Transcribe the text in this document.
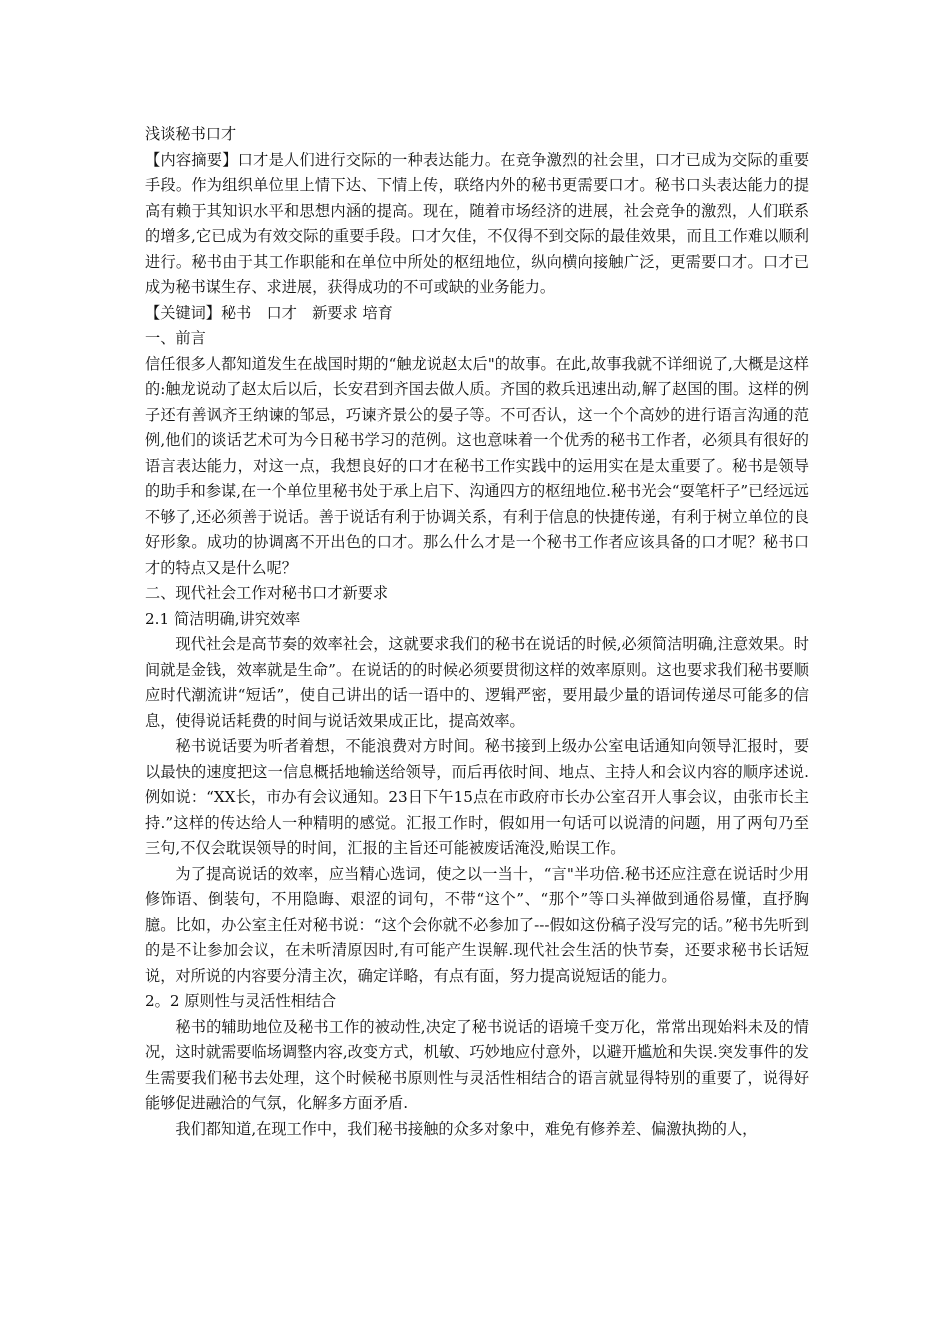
浅谈秘书口才

【内容摘要】口才是人们进行交际的一种表达能力。在竞争激烈的社会里，口才已成为交际的重要手段。作为组织单位里上情下达、下情上传，联络内外的秘书更需要口才。秘书口头表达能力的提高有赖于其知识水平和思想内涵的提高。现在，随着市场经济的进展，社会竞争的激烈，人们联系的增多,它已成为有效交际的重要手段。口才欠佳，不仅得不到交际的最佳效果，而且工作难以顺利进行。秘书由于其工作职能和在单位中所处的枢纽地位，纵向横向接触广泛，更需要口才。口才已成为秘书谋生存、求进展，获得成功的不可或缺的业务能力。

【关键词】秘书　口才　新要求 培育

一、前言

信任很多人都知道发生在战国时期的“触龙说赵太后"的故事。在此,故事我就不详细说了,大概是这样的:触龙说动了赵太后以后，长安君到齐国去做人质。齐国的救兵迅速出动,解了赵国的围。这样的例子还有善讽齐王纳谏的邹忌，巧谏齐景公的晏子等。不可否认，这一个个高妙的进行语言沟通的范例,他们的谈话艺术可为今日秘书学习的范例。这也意味着一个优秀的秘书工作者，必须具有很好的语言表达能力，对这一点，我想良好的口才在秘书工作实践中的运用实在是太重要了。秘书是领导的助手和参谋,在一个单位里秘书处于承上启下、沟通四方的枢纽地位.秘书光会“耍笔杆子”已经远远不够了,还必须善于说话。善于说话有利于协调关系，有利于信息的快捷传递，有利于树立单位的良好形象。成功的协调离不开出色的口才。那么什么才是一个秘书工作者应该具备的口才呢？秘书口才的特点又是什么呢？

二、现代社会工作对秘书口才新要求

2.1 简洁明确,讲究效率

现代社会是高节奏的效率社会，这就要求我们的秘书在说话的时候,必须简洁明确,注意效果。时间就是金钱，效率就是生命”。在说话的的时候必须要贯彻这样的效率原则。这也要求我们秘书要顺应时代潮流讲“短话”，使自己讲出的话一语中的、逻辑严密，要用最少量的语词传递尽可能多的信息，使得说话耗费的时间与说话效果成正比，提高效率。

秘书说话要为听者着想，不能浪费对方时间。秘书接到上级办公室电话通知向领导汇报时，要以最快的速度把这一信息概括地输送给领导，而后再依时间、地点、主持人和会议内容的顺序述说.例如说：“XX长，市办有会议通知。23日下午15点在市政府市长办公室召开人事会议，由张市长主持.”这样的传达给人一种精明的感觉。汇报工作时，假如用一句话可以说清的问题，用了两句乃至三句,不仅会耽误领导的时间，汇报的主旨还可能被废话淹没,贻误工作。

为了提高说话的效率，应当精心选词，使之以一当十，“言"半功倍.秘书还应注意在说话时少用修饰语、倒装句，不用隐晦、艰涩的词句，不带“这个”、“那个”等口头禅做到通俗易懂，直抒胸臆。比如，办公室主任对秘书说：“这个会你就不必参加了---假如这份稿子没写完的话。”秘书先听到的是不让参加会议，在未听清原因时,有可能产生误解.现代社会生活的快节奏，还要求秘书长话短说，对所说的内容要分清主次，确定详略，有点有面，努力提高说短话的能力。

2。2 原则性与灵活性相结合

秘书的辅助地位及秘书工作的被动性,决定了秘书说话的语境千变万化，常常出现始料未及的情况，这时就需要临场调整内容,改变方式，机敏、巧妙地应付意外，以避开尴尬和失误.突发事件的发生需要我们秘书去处理，这个时候秘书原则性与灵活性相结合的语言就显得特别的重要了，说得好能够促进融洽的气氛，化解多方面矛盾.

我们都知道,在现工作中，我们秘书接触的众多对象中，难免有修养差、偏激执拗的人，
